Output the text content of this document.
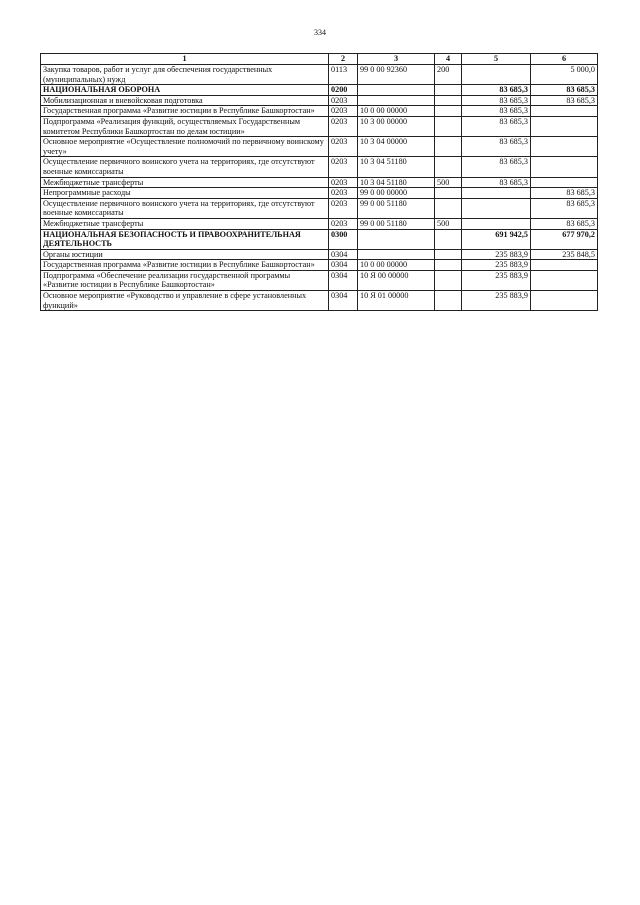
334
1	2	3	4	5	6
Закупка товаров, работ и услуг для обеспечения государственных (муниципальных) нужд	0113	99 0 00 92360	200		5 000,0
НАЦИОНАЛЬНАЯ ОБОРОНА	0200			83 685,3	83 685,3
Мобилизационная и вневойсковая подготовка	0203			83 685,3	83 685,3
Государственная программа «Развитие юстиции в Республике Башкортостан»	0203	10 0 00 00000		83 685,3	
Подпрограмма «Реализация функций, осуществляемых Государственным комитетом Республики Башкортостан по делам юстиции»	0203	10 3 00 00000		83 685,3	
Основное мероприятие «Осуществление полномочий по первичному воинскому учету»	0203	10 3 04 00000		83 685,3	
Осуществление первичного воинского учета на территориях, где отсутствуют военные комиссариаты	0203	10 3 04 51180		83 685,3	
Межбюджетные трансферты	0203	10 3 04 51180	500	83 685,3	
Непрограммные расходы	0203	99 0 00 00000			83 685,3
Осуществление первичного воинского учета на территориях, где отсутствуют военные комиссариаты	0203	99 0 00 51180			83 685,3
Межбюджетные трансферты	0203	99 0 00 51180	500		83 685,3
НАЦИОНАЛЬНАЯ БЕЗОПАСНОСТЬ И ПРАВООХРАНИТЕЛЬНАЯ ДЕЯТЕЛЬНОСТЬ	0300			691 942,5	677 970,2
Органы юстиции	0304			235 883,9	235 848,5
Государственная программа «Развитие юстиции в Республике Башкортостан»	0304	10 0 00 00000		235 883,9	
Подпрограмма «Обеспечение реализации государственной программы «Развитие юстиции в Республике Башкортостан»	0304	10 Я 00 00000		235 883,9	
Основное мероприятие «Руководство и управление в сфере установленных функций»	0304	10 Я 01 00000		235 883,9	
